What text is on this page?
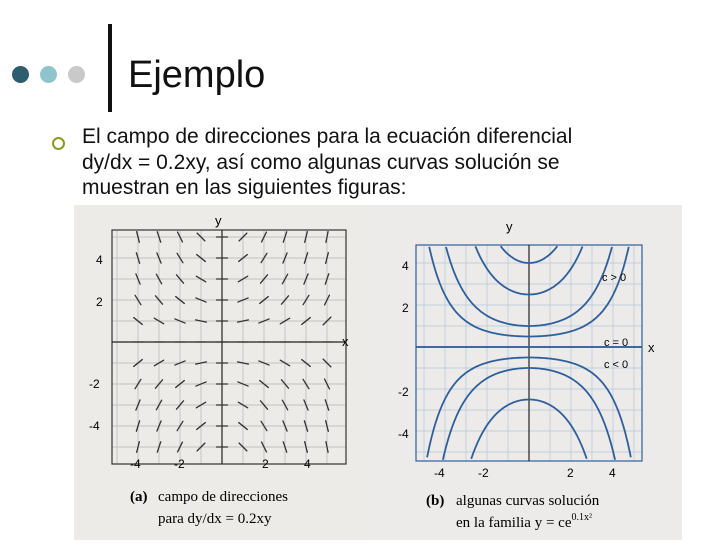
Ejemplo
El campo de direcciones para la ecuación diferencial
dy/dx = 0.2xy, así como algunas curvas solución se
muestran en las siguientes figuras:
y
x
4
2
-2
-4
-4	-2	2	4
(a) campo de direcciones
para dy/dx = 0.2xy
y
x
c > 0
c = 0
c < 0
4
2
-2
-4
-4	-2	2	4
(b) algunas curvas solución
en la familia $y = ce^{0.1x^2}$
